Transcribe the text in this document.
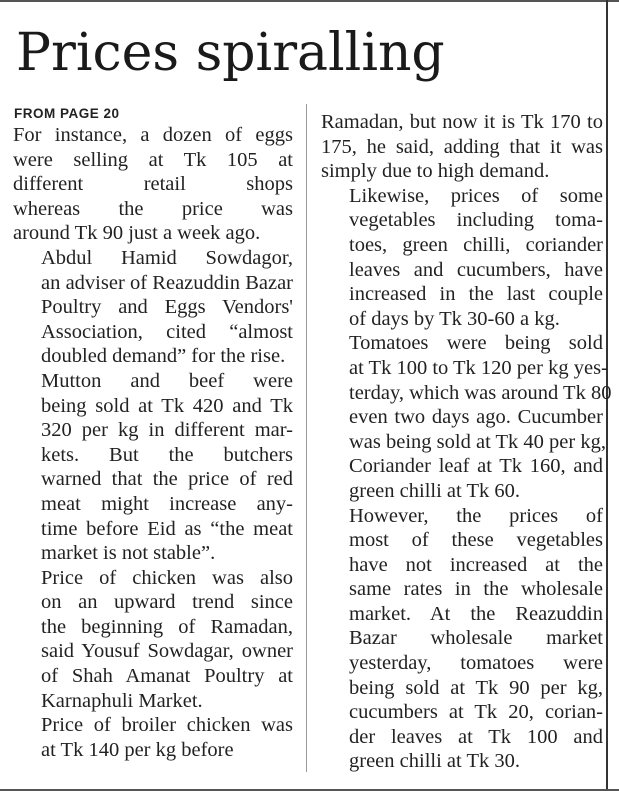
Prices spiralling
FROM PAGE 20
For instance, a dozen of eggs
were selling at Tk 105 at
different retail shops
whereas the price was
around Tk 90 just a week ago.
Abdul Hamid Sowdagor,
an adviser of Reazuddin Bazar
Poultry and Eggs Vendors'
Association, cited “almost
doubled demand” for the rise.
Mutton and beef were
being sold at Tk 420 and Tk
320 per kg in different mar-
kets. But the butchers
warned that the price of red
meat might increase any-
time before Eid as “the meat
market is not stable”.
Price of chicken was also
on an upward trend since
the beginning of Ramadan,
said Yousuf Sowdagar, owner
of Shah Amanat Poultry at
Karnaphuli Market.
Price of broiler chicken was
at Tk 140 per kg before
Ramadan, but now it is Tk 170 to
175, he said, adding that it was
simply due to high demand.
Likewise, prices of some
vegetables including toma-
toes, green chilli, coriander
leaves and cucumbers, have
increased in the last couple
of days by Tk 30-60 a kg.
Tomatoes were being sold
at Tk 100 to Tk 120 per kg yes-
terday, which was around Tk 80
even two days ago. Cucumber
was being sold at Tk 40 per kg,
Coriander leaf at Tk 160, and
green chilli at Tk 60.
However, the prices of
most of these vegetables
have not increased at the
same rates in the wholesale
market. At the Reazuddin
Bazar wholesale market
yesterday, tomatoes were
being sold at Tk 90 per kg,
cucumbers at Tk 20, corian-
der leaves at Tk 100 and
green chilli at Tk 30.
